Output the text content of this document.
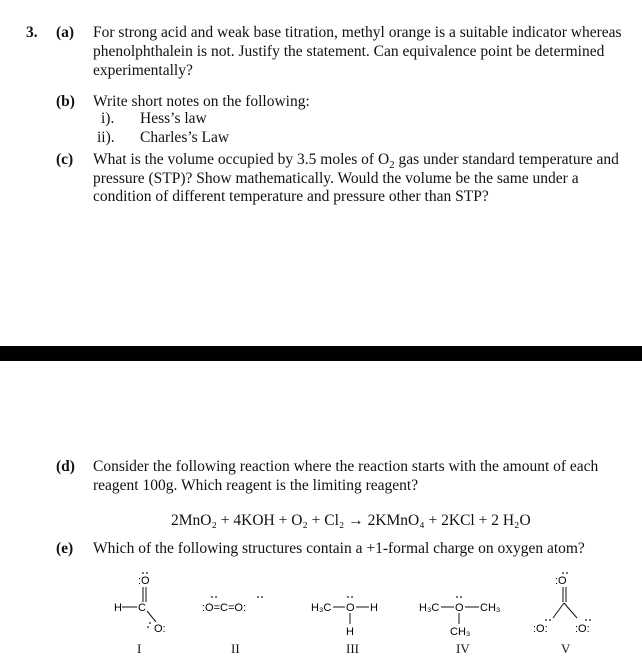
3. (a) For strong acid and weak base titration, methyl orange is a suitable indicator whereas
phenolphthalein is not. Justify the statement. Can equivalence point be determined
experimentally?
(b) Write short notes on the following:
i). Hess’s law
ii). Charles’s Law
(c) What is the volume occupied by 3.5 moles of $O_2$ gas under standard temperature and
pressure (STP)? Show mathematically. Would the volume be the same under a
condition of different temperature and pressure other than STP?
(d) Consider the following reaction where the reaction starts with the amount of each
reagent 100g. Which reagent is the limiting reagent?
2MnO₂ + 4KOH + O₂ + Cl₂ → 2KMnO₄ + 2KCl + 2 H₂O
(e) Which of the following structures contain a +1-formal charge on oxygen atom?
:O
H C
O:
I
:O=C=O:
II
H₃C O H
H
III
H₃C O CH₃
CH₃
IV
:O
:O: :O:
V
